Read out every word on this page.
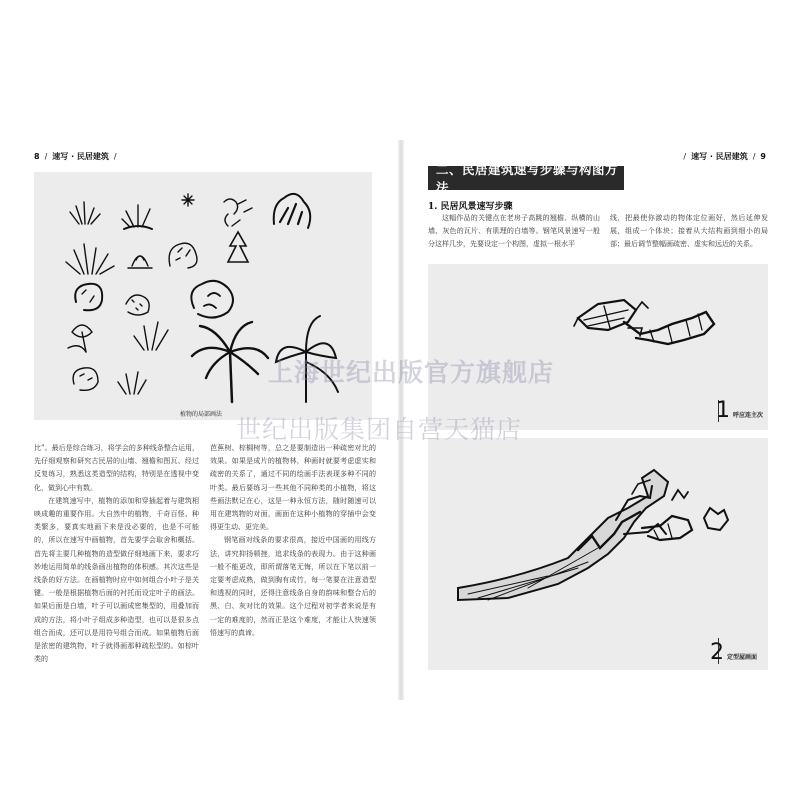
8 / 速写 · 民居建筑 /
植物的局部画法

比”。最后是综合练习，将学会的多种线条整合运用，先仔细观察和研究古民居的山墙、翘檐和图瓦、经过反复练习，熟悉这类造型的结构，特别是在透视中变化，做到心中有数。

在建筑速写中，植物的添加和穿插起着与建筑相映成趣的重要作用。大自然中的植物，千奇百怪、种类繁多，要真实地画下来是没必要的，也是不可能的，所以在速写中画植物，首先要学会取舍和概括。首先将主要几种植物的造型做仔细地画下来，要求巧妙地运用简单的线条画出植物的体积感。其次这些是线条的好方法。在画植物时应中如何组合小叶子是关键。一般是根据植物后面的衬托而设定叶子的画法。如果后面是白墙，叶子可以画成密集型的，用叠加而成的方法，将小叶子组成多种造型，也可以是很多点组合而成，还可以是用符号组合而成。如果植物后面是浓密的建筑物，叶子就得画那种疏松型的。如棕叶类的

芭蕉树、棕榈树等，总之是要制造出一种疏密对比的效果。如果是成片的植物林，种画时就要考虑虚实和疏密的关系了，通过不同的绘画手法表现多种不同的叶类。最后要练习一些其他不同种类的小植物，将这些画法默记在心，这是一种永恒方法，随时随速可以用在建筑物的对面，画面在这种小植物的穿插中会变得更生动、更完美。

钢笔画对线条的要求很高，接近中国画的用线方法，讲究抑扬顿挫，追求线条的表现力。由于这种画一般不能更改，即所谓落笔无悔，所以在下笔以前一定要考虑成熟，做到胸有成竹，每一笔要在注意造型和透视的同时，还得注意线条自身的韵味和整合后的黑、白、灰对比的效果。这个过程对初学者来说是有一定的难度的，然而正是这个难度，才能让人快速领悟速写的真谛。

/ 速写 · 民居建筑 / 9
二、民居建筑速写步骤与构图方法
1. 民居风景速写步骤

这幅作品的关键点在老房子高跳的翘檐、纵横的山墙、灰色的瓦片、有肌理的白墙等。钢笔风景速写一般分这样几步，先要设定一个构图，虚拟一根水平

线，把最使你激动的物体定位画好，然后延伸发展，组成一个体块；接着从大结构画到细小的局部；最后调节整幅画疏密、虚实和远近的关系。

1 呼应连主次
2 定型屋画面
上海世纪出版官方旗舰店
世纪出版集团自营天猫店
